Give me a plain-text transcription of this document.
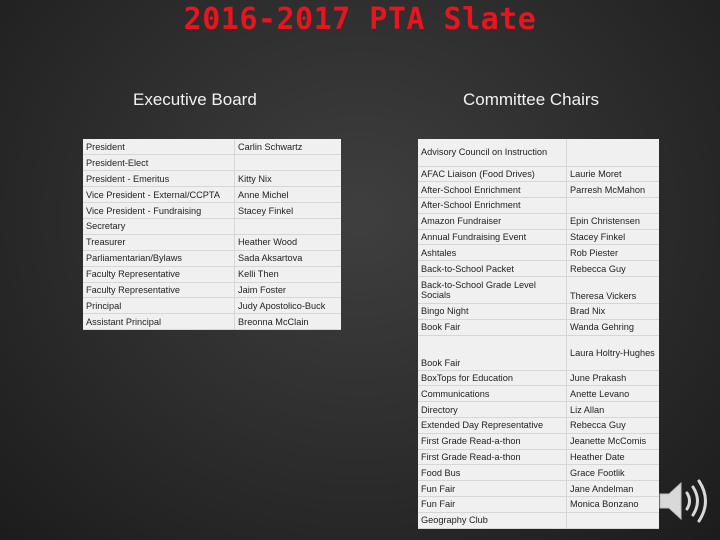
2016-2017 PTA Slate
Executive Board	Committee Chairs
President	Carlin Schwartz
President-Elect	
President - Emeritus	Kitty Nix
Vice President - External/CCPTA	Anne Michel
Vice President - Fundraising	Stacey Finkel
Secretary	
Treasurer	Heather Wood
Parliamentarian/Bylaws	Sada Aksartova
Faculty Representative	Kelli Then
Faculty Representative	Jaim Foster
Principal	Judy Apostolico-Buck
Assistant Principal	Breonna McClain
Advisory Council on Instruction	
AFAC Liaison (Food Drives)	Laurie Moret
After-School Enrichment	Parresh McMahon
After-School Enrichment	
Amazon Fundraiser	Epin Christensen
Annual Fundraising Event	Stacey Finkel
Ashtales	Rob Piester
Back-to-School Packet	Rebecca Guy
Back-to-School Grade Level Socials	Theresa Vickers
Bingo Night	Brad Nix
Book Fair	Wanda Gehring
Book Fair	Laura Holtry-Hughes
BoxTops for Education	June Prakash
Communications	Anette Levano
Directory	Liz Allan
Extended Day Representative	Rebecca Guy
First Grade Read-a-thon	Jeanette McComis
First Grade Read-a-thon	Heather Date
Food Bus	Grace Footlik
Fun Fair	Jane Andelman
Fun Fair	Monica Bonzano
Geography Club	
